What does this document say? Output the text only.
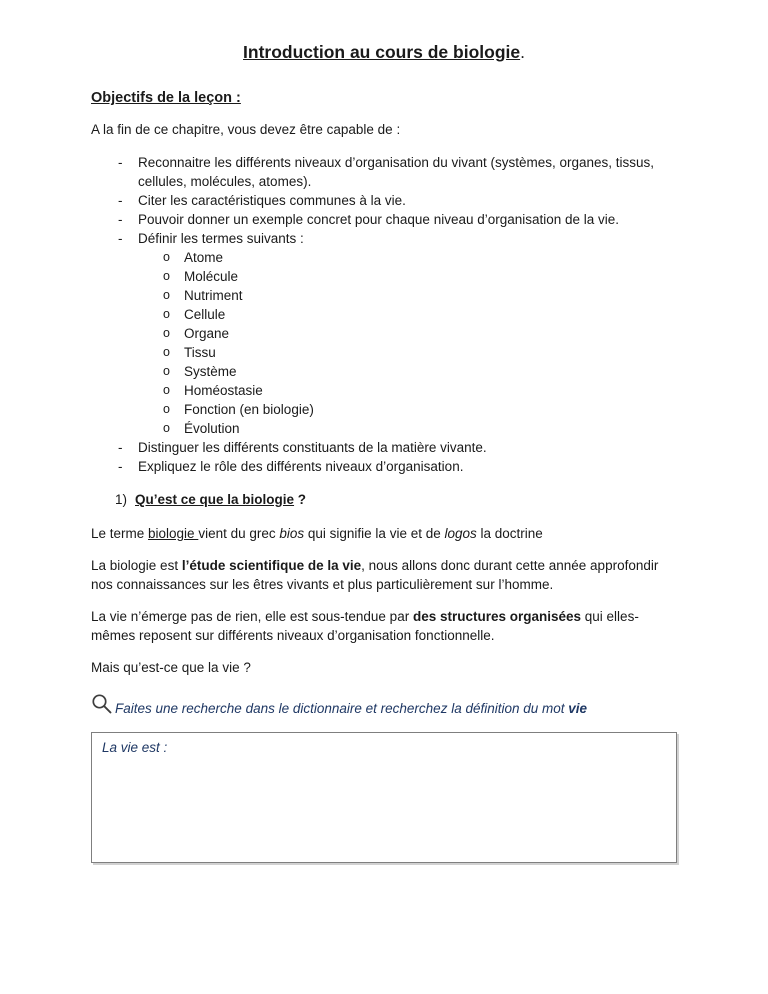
Introduction au cours de biologie.
Objectifs de la leçon :

A la fin de ce chapitre, vous devez être capable de :

-	Reconnaitre les différents niveaux d’organisation du vivant (systèmes, organes, tissus, cellules, molécules, atomes).
-	Citer les caractéristiques communes à la vie.
-	Pouvoir donner un exemple concret pour chaque niveau d’organisation de la vie.
-	Définir les termes suivants :
o	Atome
o	Molécule
o	Nutriment
o	Cellule
o	Organe
o	Tissu
o	Système
o	Homéostasie
o	Fonction (en biologie)
o	Évolution
-	Distinguer les différents constituants de la matière vivante.
-	Expliquez le rôle des différents niveaux d’organisation.
1) Qu’est ce que la biologie ?

Le terme biologie vient du grec bios qui signifie la vie et de logos la doctrine

La biologie est l’étude scientifique de la vie, nous allons donc durant cette année approfondir nos connaissances sur les êtres vivants et plus particulièrement sur l’homme.

La vie n’émerge pas de rien, elle est sous-tendue par des structures organisées qui elles-mêmes reposent sur différents niveaux d’organisation fonctionnelle.

Mais qu’est-ce que la vie ?

Faites une recherche dans le dictionnaire et recherchez la définition du mot vie
La vie est :
